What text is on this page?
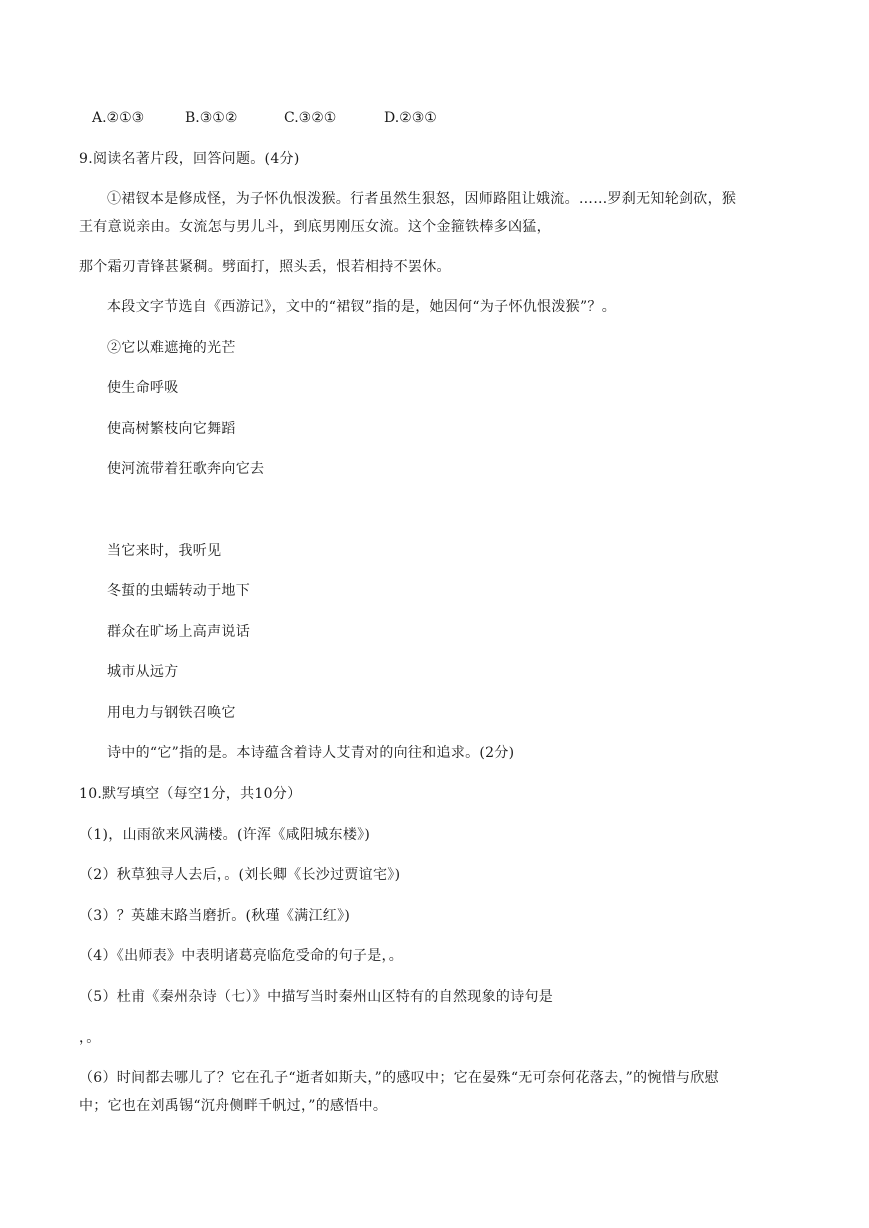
A.②①③	B.③①②	C.③②①	D.②③①
9.阅读名著片段，回答问题。(4分)
①裙钗本是修成怪，为子怀仇恨泼猴。行者虽然生狠怒，因师路阻让娥流。……罗刹无知轮剑砍，猴
王有意说亲由。女流怎与男儿斗，到底男刚压女流。这个金箍铁棒多凶猛，
那个霜刃青锋甚紧稠。劈面打，照头丢，恨若相持不罢休。
本段文字节选自《西游记》，文中的“裙钗”指的是，她因何“为子怀仇恨泼猴”？。
②它以难遮掩的光芒
使生命呼吸
使高树繁枝向它舞蹈
使河流带着狂歌奔向它去
当它来时，我听见
冬蜇的虫蠕转动于地下
群众在旷场上高声说话
城市从远方
用电力与钢铁召唤它
诗中的“它”指的是。本诗蕴含着诗人艾青对的向往和追求。(2分)
10.默写填空（每空1分，共10分）
（1)，山雨欲来风满楼。(许浑《咸阳城东楼》)
（2）秋草独寻人去后，。(刘长卿《长沙过贾谊宅》)
（3）？英雄末路当磨折。(秋瑾《满江红》)
（4）《出师表》中表明诸葛亮临危受命的句子是，。
（5）杜甫《秦州杂诗（七）》中描写当时秦州山区特有的自然现象的诗句是
，。
（6）时间都去哪儿了？它在孔子“逝者如斯夫，”的感叹中；它在晏殊“无可奈何花落去，”的惋惜与欣慰
中；它也在刘禹锡“沉舟侧畔千帆过，”的感悟中。
